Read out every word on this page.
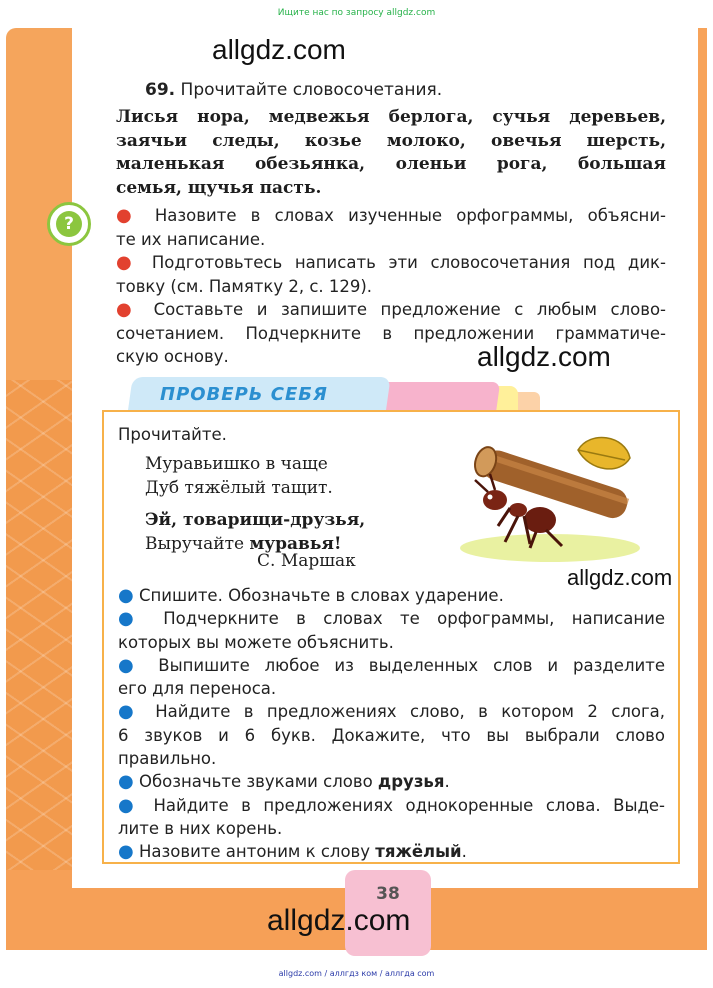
Ищите нас по запросу allgdz.com
allgdz.com
69. Прочитайте словосочетания.
Лисья нора, медвежья берлога, сучья деревьев,
заячьи следы, козье молоко, овечья шерсть,
маленькая обезьянка, оленьи рога, большая
семья, щучья пасть.
?	● Назовите в словах изученные орфограммы, объясни-
те их написание.
● Подготовьтесь написать эти словосочетания под дик-
товку (см. Памятку 2, с. 129).
● Составьте и запишите предложение с любым слово-
сочетанием. Подчеркните в предложении грамматиче-
скую основу.	allgdz.com
ПРОВЕРЬ СЕБЯ
Прочитайте.
Муравьишко в чаще
Дуб тяжёлый тащит.
Эй, товарищи-друзья,
Выручайте муравья!
С. Маршак
allgdz.com
● Спишите. Обозначьте в словах ударение.
● Подчеркните в словах те орфограммы, написание
которых вы можете объяснить.
● Выпишите любое из выделенных слов и разделите
его для переноса.
● Найдите в предложениях слово, в котором 2 слога,
6 звуков и 6 букв. Докажите, что вы выбрали слово
правильно.
● Обозначьте звуками слово друзья.
● Найдите в предложениях однокоренные слова. Выде-
лите в них корень.
● Назовите антоним к слову тяжёлый.
38
allgdz.com
allgdz.com / аллгдз ком / аллгда com
